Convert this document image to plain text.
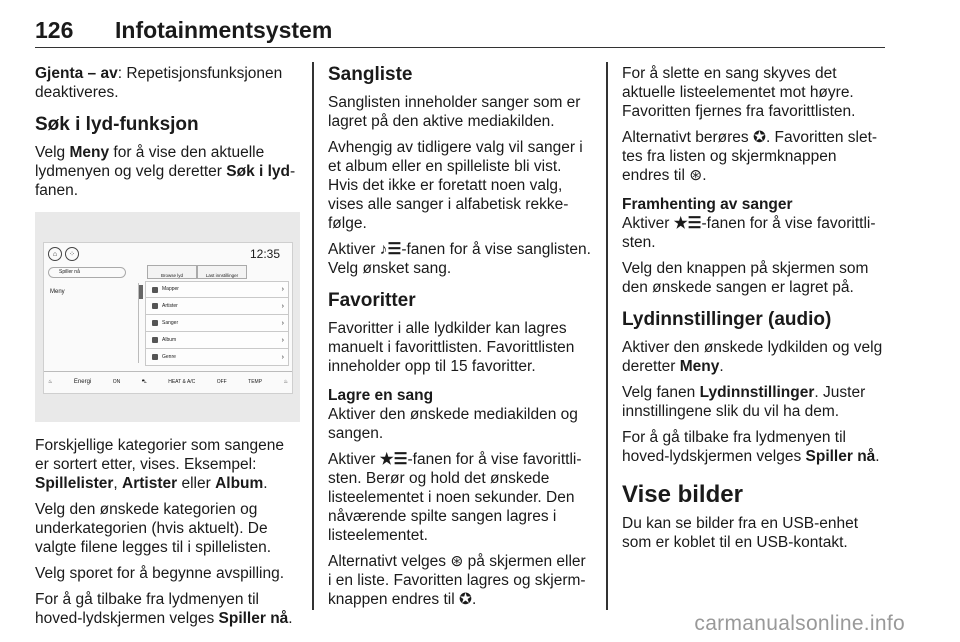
126	Infotainmentsystem

Gjenta – av: Repetisjonsfunksjonen deaktiveres.

Søk i lyd-funksjon

Velg Meny for å vise den aktuelle lydmenyen og velg deretter Søk i lyd-fanen.

⌂	⁘	12:35
Spiller nå
Meny
Browse lyd	Last innstillinger
Mapper	›
Artister	›
Sanger	›
Album	›
Genre	›
♨	Energi	ON	⛍	HEAT & A/C	OFF	TEMP	♨

Forskjellige kategorier som sangene er sortert etter, vises. Eksempel: Spillelister, Artister eller Album.

Velg den ønskede kategorien og underkategorien (hvis aktuelt). De valgte filene legges til i spillelisten.

Velg sporet for å begynne avspilling.

For å gå tilbake fra lydmenyen til hoved-lydskjermen velges Spiller nå.

Sangliste

Sanglisten inneholder sanger som er lagret på den aktive mediakilden.

Avhengig av tidligere valg vil sanger i et album eller en spilleliste bli vist. Hvis det ikke er foretatt noen valg, vises alle sanger i alfabetisk rekkefølge.

Aktiver ♪☰-fanen for å vise sanglisten. Velg ønsket sang.

Favoritter

Favoritter i alle lydkilder kan lagres manuelt i favorittlisten. Favorittlisten inneholder opp til 15 favoritter.

Lagre en sang

Aktiver den ønskede mediakilden og sangen.

Aktiver ★☰-fanen for å vise favorittlisten. Berør og hold det ønskede listeelementet i noen sekunder. Den nåværende spilte sangen lagres i listeelementet.

Alternativt velges ⊛ på skjermen eller i en liste. Favoritten lagres og skjermknappen endres til ✪.

For å slette en sang skyves det aktuelle listeelementet mot høyre. Favoritten fjernes fra favorittlisten.

Alternativt berøres ✪. Favoritten slettes fra listen og skjermknappen endres til ⊛.

Framhenting av sanger

Aktiver ★☰-fanen for å vise favorittlisten.

Velg den knappen på skjermen som den ønskede sangen er lagret på.

Lydinnstillinger (audio)

Aktiver den ønskede lydkilden og velg deretter Meny.

Velg fanen Lydinnstillinger. Juster innstillingene slik du vil ha dem.

For å gå tilbake fra lydmenyen til hoved-lydskjermen velges Spiller nå.

Vise bilder

Du kan se bilder fra en USB-enhet som er koblet til en USB-kontakt.

carmanualsonline.info
